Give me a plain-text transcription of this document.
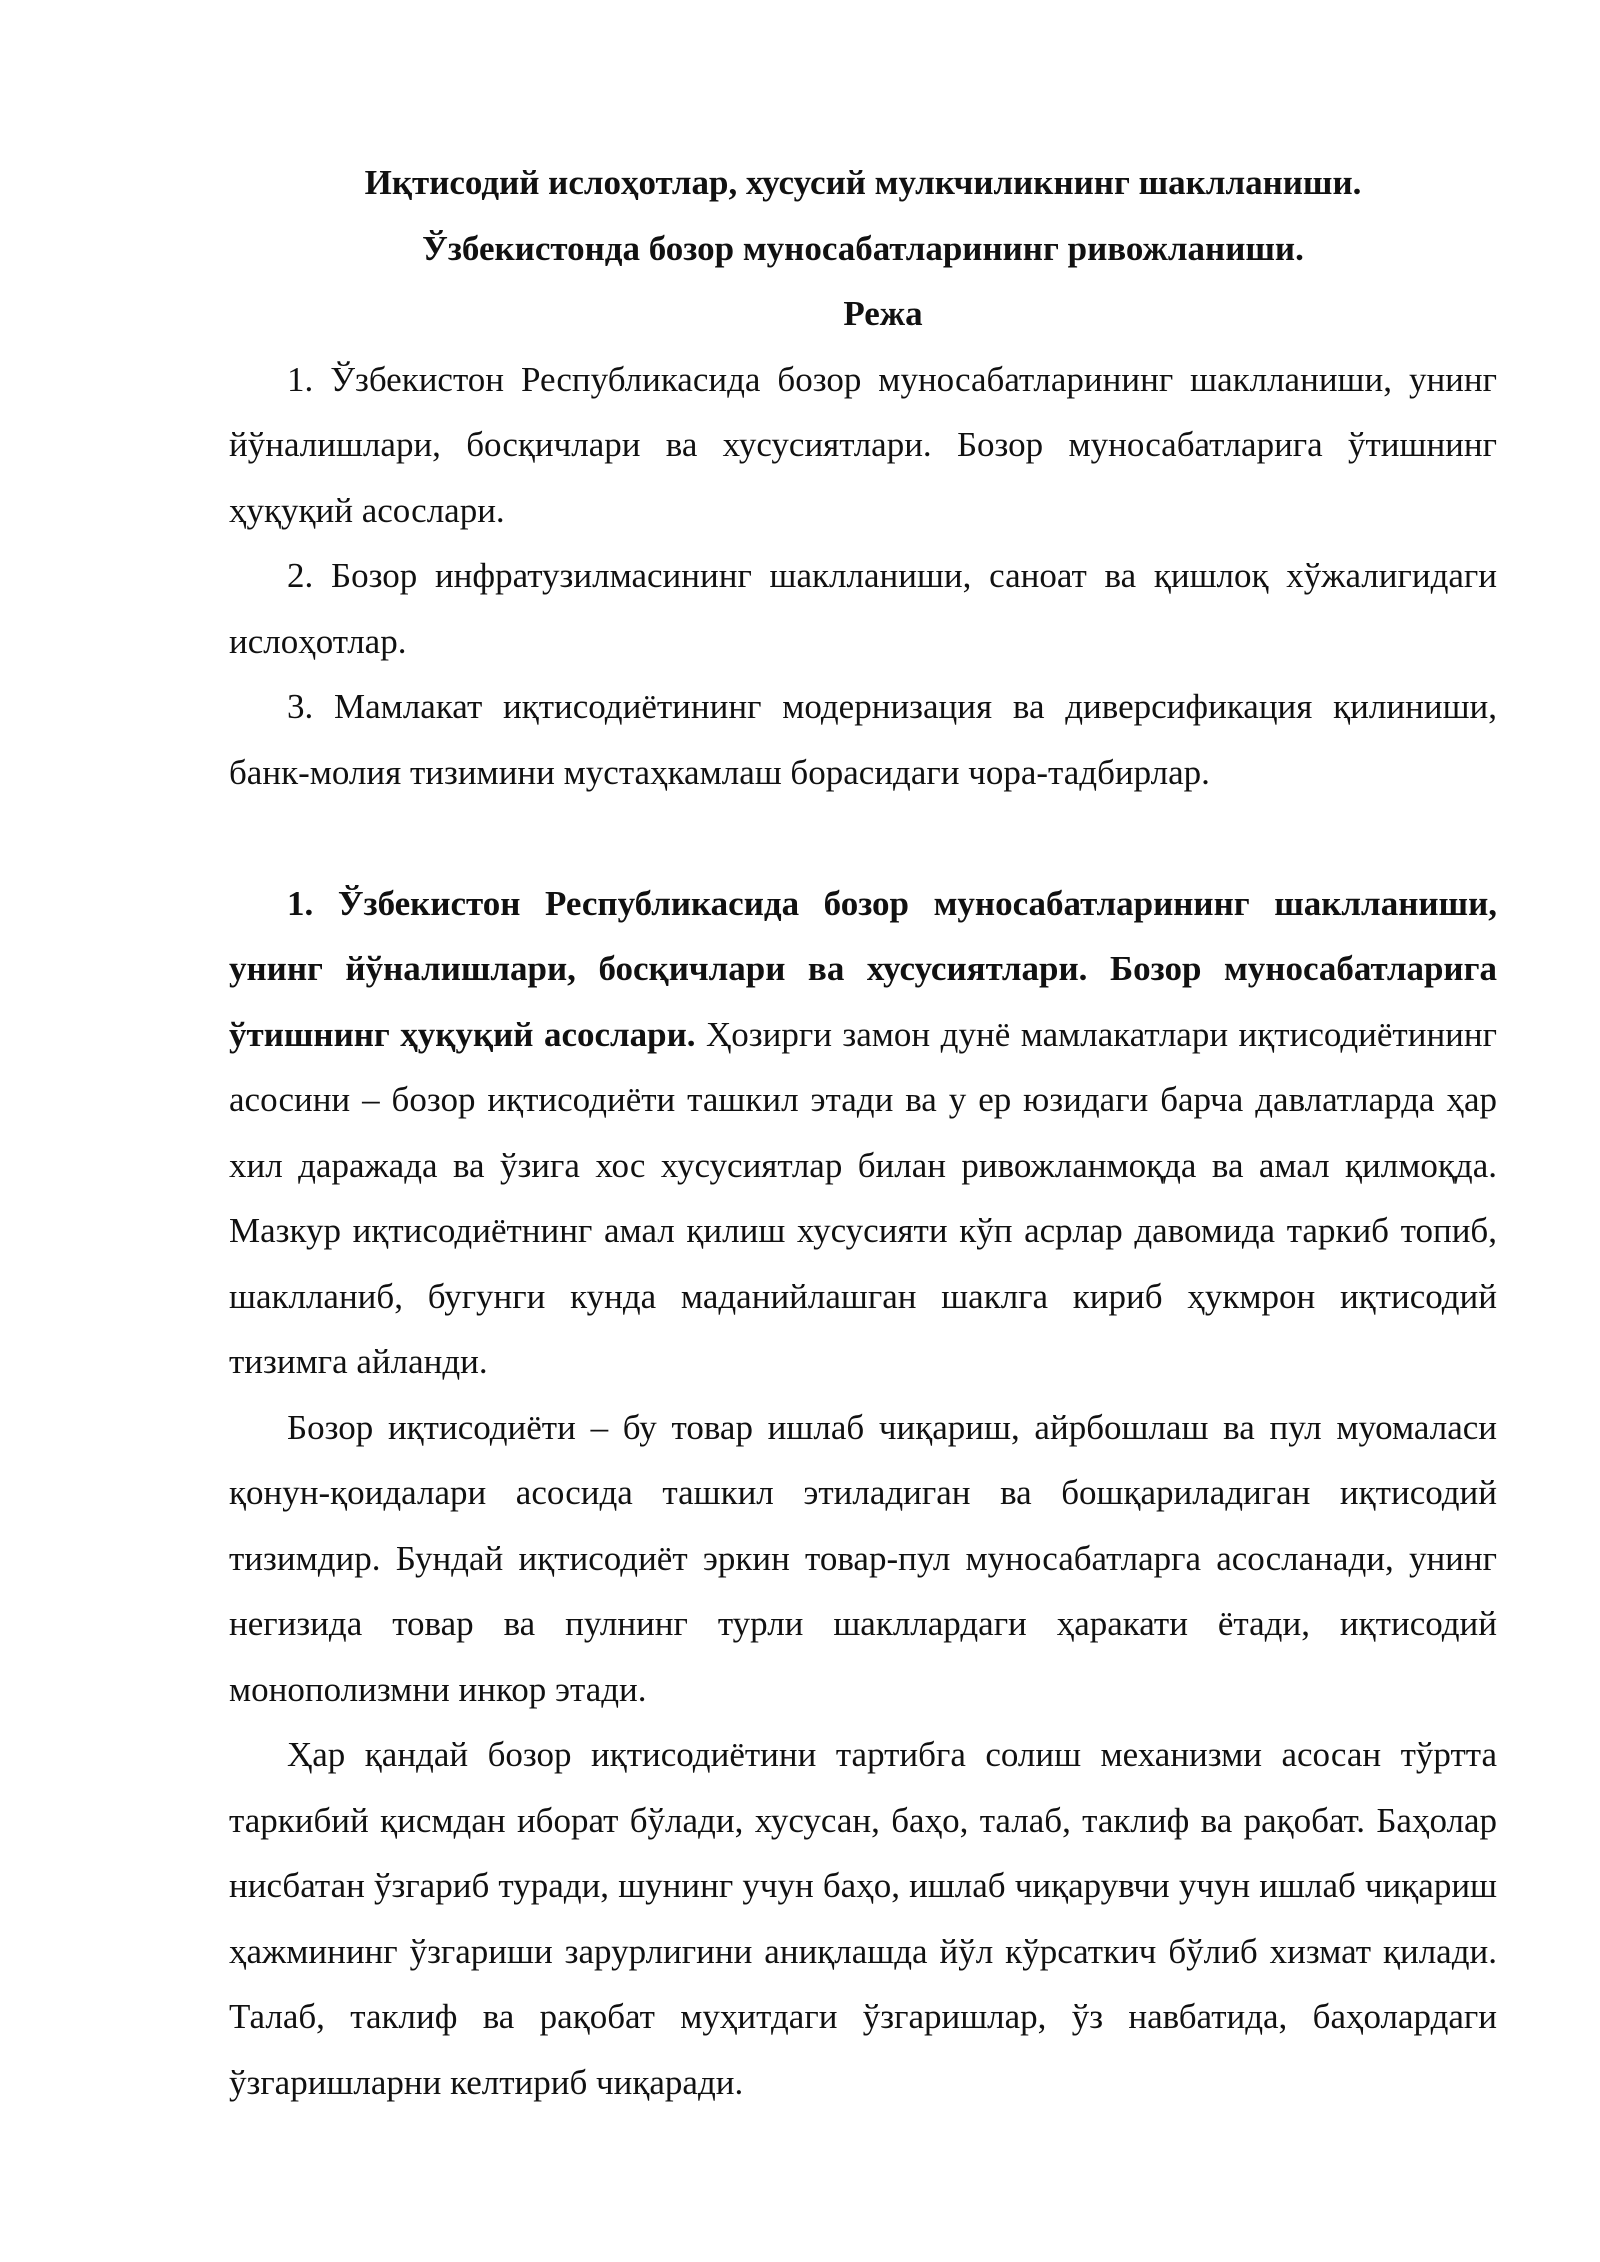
Иқтисодий ислоҳотлар, хусусий мулкчиликнинг шаклланиши.

Ўзбекистонда бозор муносабатларининг ривожланиши.

Режа

1. Ўзбекистон Республикасида бозор муносабатларининг шаклланиши, унинг йўналишлари, босқичлари ва хусусиятлари. Бозор муносабатларига ўтишнинг ҳуқуқий асослари.

2. Бозор инфратузилмасининг шаклланиши, саноат ва қишлоқ хўжалигидаги ислоҳотлар.

3. Мамлакат иқтисодиётининг модернизация ва диверсификация қилиниши, банк-молия тизимини мустаҳкамлаш борасидаги чора-тадбирлар.

1. Ўзбекистон Республикасида бозор муносабатларининг шаклланиши, унинг йўналишлари, босқичлари ва хусусиятлари. Бозор муносабатларига ўтишнинг ҳуқуқий асослари. Ҳозирги замон дунё мамлакатлари иқтисодиётининг асосини – бозор иқтисодиёти ташкил этади ва у ер юзидаги барча давлатларда ҳар хил даражада ва ўзига хос хусусиятлар билан ривожланмоқда ва амал қилмоқда. Мазкур иқтисодиётнинг амал қилиш хусусияти кўп асрлар давомида таркиб топиб, шаклланиб, бугунги кунда маданийлашган шаклга кириб ҳукмрон иқтисодий тизимга айланди.

Бозор иқтисодиёти – бу товар ишлаб чиқариш, айрбошлаш ва пул муомаласи қонун-қоидалари асосида ташкил этиладиган ва бошқариладиган иқтисодий тизимдир. Бундай иқтисодиёт эркин товар-пул муносабатларга асосланади, унинг негизида товар ва пулнинг турли шакллардаги ҳаракати ётади, иқтисодий монополизмни инкор этади.

Ҳар қандай бозор иқтисодиётини тартибга солиш механизми асосан тўртта таркибий қисмдан иборат бўлади, хусусан, баҳо, талаб, таклиф ва рақобат. Баҳолар нисбатан ўзгариб туради, шунинг учун баҳо, ишлаб чиқарувчи учун ишлаб чиқариш ҳажмининг ўзгариши зарурлигини аниқлашда йўл кўрсаткич бўлиб хизмат қилади. Талаб, таклиф ва рақобат муҳитдаги ўзгаришлар, ўз навбатида, баҳолардаги ўзгаришларни келтириб чиқаради.
